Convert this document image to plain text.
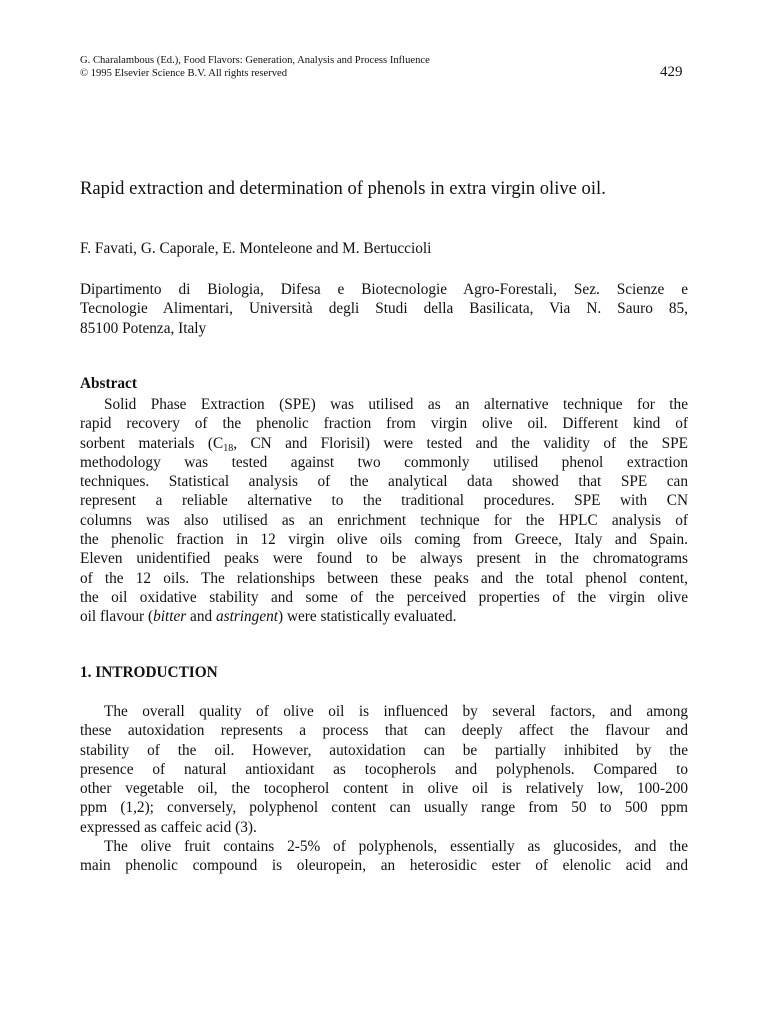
G. Charalambous (Ed.), Food Flavors: Generation, Analysis and Process Influence
© 1995 Elsevier Science B.V. All rights reserved	429
Rapid extraction and determination of phenols in extra virgin olive oil.
F. Favati, G. Caporale, E. Monteleone and M. Bertuccioli
Dipartimento di Biologia, Difesa e Biotecnologie Agro-Forestali, Sez. Scienze e
Tecnologie Alimentari, Università degli Studi della Basilicata, Via N. Sauro 85,
85100 Potenza, Italy
Abstract
Solid Phase Extraction (SPE) was utilised as an alternative technique for the
rapid recovery of the phenolic fraction from virgin olive oil. Different kind of
sorbent materials ($C_{18}$, CN and Florisil) were tested and the validity of the SPE
methodology was tested against two commonly utilised phenol extraction
techniques. Statistical analysis of the analytical data showed that SPE can
represent a reliable alternative to the traditional procedures. SPE with CN
columns was also utilised as an enrichment technique for the HPLC analysis of
the phenolic fraction in 12 virgin olive oils coming from Greece, Italy and Spain.
Eleven unidentified peaks were found to be always present in the chromatograms
of the 12 oils. The relationships between these peaks and the total phenol content,
the oil oxidative stability and some of the perceived properties of the virgin olive
oil flavour (bitter and astringent) were statistically evaluated.
1. INTRODUCTION
The overall quality of olive oil is influenced by several factors, and among
these autoxidation represents a process that can deeply affect the flavour and
stability of the oil. However, autoxidation can be partially inhibited by the
presence of natural antioxidant as tocopherols and polyphenols. Compared to
other vegetable oil, the tocopherol content in olive oil is relatively low, 100-200
ppm (1,2); conversely, polyphenol content can usually range from 50 to 500 ppm
expressed as caffeic acid (3).
The olive fruit contains 2-5% of polyphenols, essentially as glucosides, and the
main phenolic compound is oleuropein, an heterosidic ester of elenolic acid and
